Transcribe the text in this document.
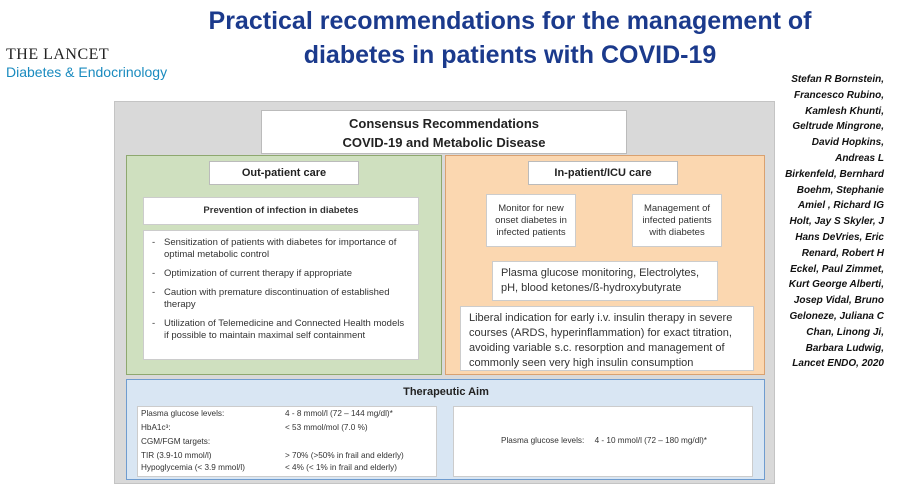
Practical recommendations for the management of diabetes in patients with COVID-19
THE LANCET
Diabetes & Endocrinology	Stefan R Bornstein, Francesco Rubino, Kamlesh Khunti, Geltrude Mingrone, David Hopkins, Andreas L Birkenfeld, Bernhard Boehm, Stephanie Amiel , Richard IG Holt, Jay S Skyler, J Hans DeVries, Eric Renard, Robert H Eckel, Paul Zimmet, Kurt George Alberti, Josep Vidal, Bruno Geloneze, Juliana C Chan, Linong Ji, Barbara Ludwig, Lancet ENDO, 2020
Consensus Recommendations
COVID-19 and Metabolic Disease
Out-patient care
Prevention of infection in diabetes
- Sensitization of patients with diabetes for importance of optimal metabolic control
- Optimization of current therapy if appropriate
- Caution with premature discontinuation of established therapy
- Utilization of Telemedicine and Connected Health models if possible to maintain maximal self containment
In-patient/ICU care
Monitor for new onset diabetes in infected patients
Management of infected patients with diabetes
Plasma glucose monitoring, Electrolytes, pH, blood ketones/ß-hydroxybutyrate
Liberal indication for early i.v. insulin therapy in severe courses (ARDS, hyperinflammation) for exact titration, avoiding variable s.c. resorption and management of commonly seen very high insulin consumption
Therapeutic Aim
Plasma glucose levels:	4 - 8 mmol/l (72 – 144 mg/dl)*
HbA1c³:	< 53 mmol/mol (7.0 %)
CGM/FGM targets:
TIR (3.9-10 mmol/l)	> 70% (>50% in frail and elderly)
Hypoglycemia (< 3.9 mmol/l)	< 4% (< 1% in frail and elderly)
Plasma glucose levels: 4 - 10 mmol/l (72 – 180 mg/dl)*
